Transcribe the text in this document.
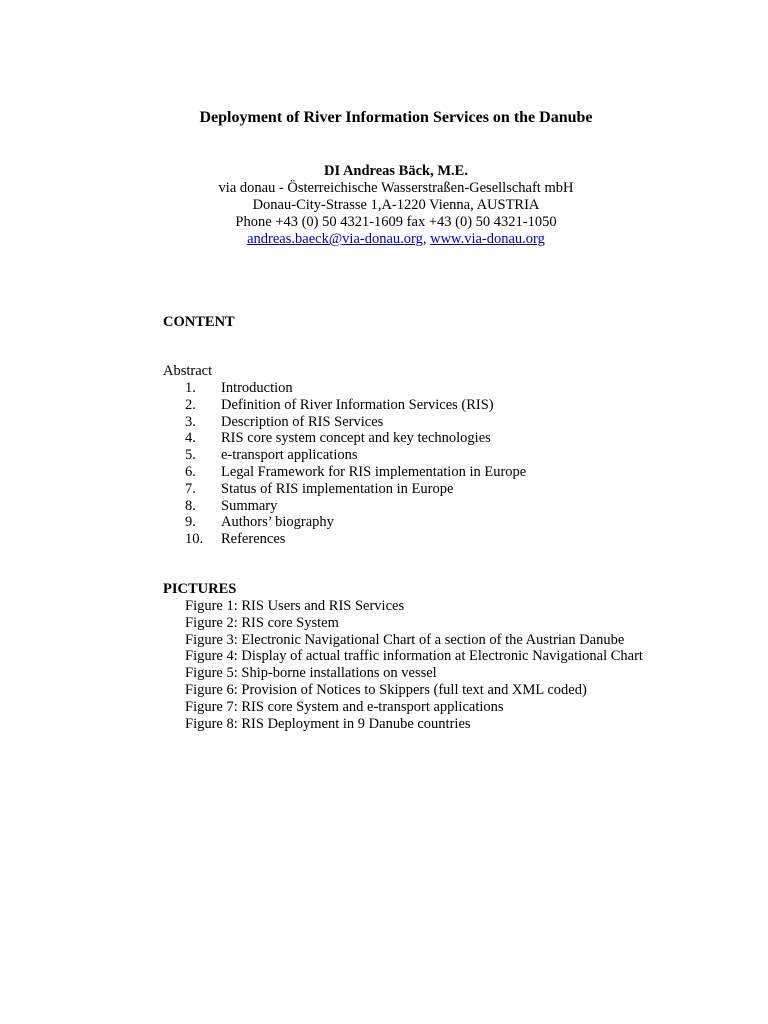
Deployment of River Information Services on the Danube
DI Andreas Bäck, M.E.
via donau - Österreichische Wasserstraßen-Gesellschaft mbH
Donau-City-Strasse 1,A-1220 Vienna, AUSTRIA
Phone +43 (0) 50 4321-1609 fax +43 (0) 50 4321-1050
andreas.baeck@via-donau.org, www.via-donau.org
CONTENT
Abstract
1. Introduction
2. Definition of River Information Services (RIS)
3. Description of RIS Services
4. RIS core system concept and key technologies
5. e-transport applications
6. Legal Framework for RIS implementation in Europe
7. Status of RIS implementation in Europe
8. Summary
9. Authors’ biography
10. References
PICTURES
Figure 1: RIS Users and RIS Services
Figure 2: RIS core System
Figure 3: Electronic Navigational Chart of a section of the Austrian Danube
Figure 4: Display of actual traffic information at Electronic Navigational Chart
Figure 5: Ship-borne installations on vessel
Figure 6: Provision of Notices to Skippers (full text and XML coded)
Figure 7: RIS core System and e-transport applications
Figure 8: RIS Deployment in 9 Danube countries
